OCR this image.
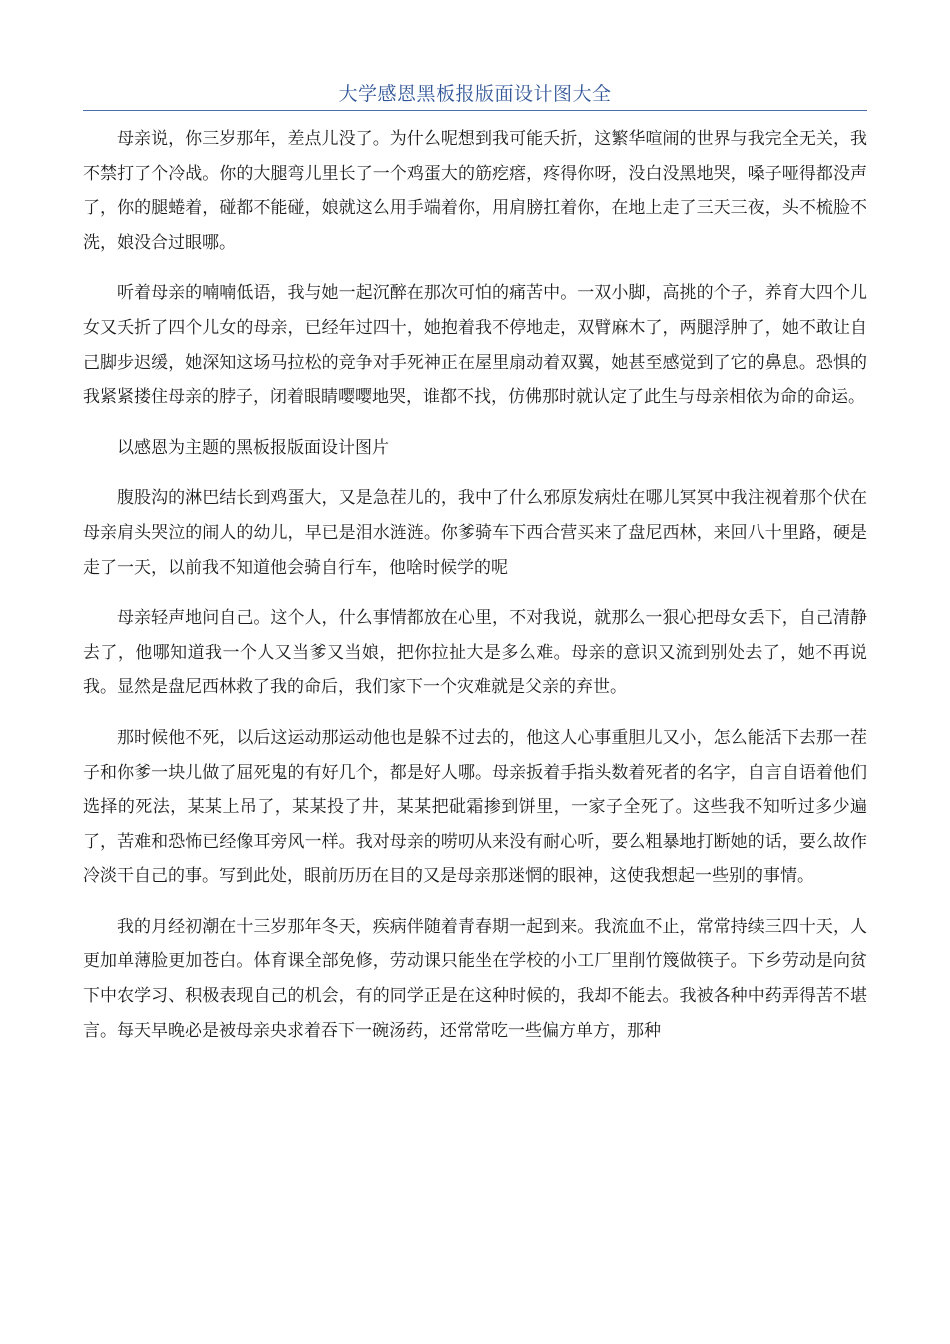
大学感恩黑板报版面设计图大全

母亲说，你三岁那年，差点儿没了。为什么呢想到我可能夭折，这繁华喧闹的世界与我完全无关，我不禁打了个冷战。你的大腿弯儿里长了一个鸡蛋大的筋疙瘩，疼得你呀，没白没黑地哭，嗓子哑得都没声了，你的腿蜷着，碰都不能碰，娘就这么用手端着你，用肩膀扛着你，在地上走了三天三夜，头不梳脸不洗，娘没合过眼哪。

听着母亲的喃喃低语，我与她一起沉醉在那次可怕的痛苦中。一双小脚，高挑的个子，养育大四个儿女又夭折了四个儿女的母亲，已经年过四十，她抱着我不停地走，双臂麻木了，两腿浮肿了，她不敢让自己脚步迟缓，她深知这场马拉松的竞争对手死神正在屋里扇动着双翼，她甚至感觉到了它的鼻息。恐惧的我紧紧搂住母亲的脖子，闭着眼睛嘤嘤地哭，谁都不找，仿佛那时就认定了此生与母亲相依为命的命运。

以感恩为主题的黑板报版面设计图片

腹股沟的淋巴结长到鸡蛋大，又是急茬儿的，我中了什么邪原发病灶在哪儿冥冥中我注视着那个伏在母亲肩头哭泣的闹人的幼儿，早已是泪水涟涟。你爹骑车下西合营买来了盘尼西林，来回八十里路，硬是走了一天，以前我不知道他会骑自行车，他啥时候学的呢

母亲轻声地问自己。这个人，什么事情都放在心里，不对我说，就那么一狠心把母女丢下，自己清静去了，他哪知道我一个人又当爹又当娘，把你拉扯大是多么难。母亲的意识又流到别处去了，她不再说我。显然是盘尼西林救了我的命后，我们家下一个灾难就是父亲的弃世。

那时候他不死，以后这运动那运动他也是躲不过去的，他这人心事重胆儿又小，怎么能活下去那一茬子和你爹一块儿做了屈死鬼的有好几个，都是好人哪。母亲扳着手指头数着死者的名字，自言自语着他们选择的死法，某某上吊了，某某投了井，某某把砒霜掺到饼里，一家子全死了。这些我不知听过多少遍了，苦难和恐怖已经像耳旁风一样。我对母亲的唠叨从来没有耐心听，要么粗暴地打断她的话，要么故作冷淡干自己的事。写到此处，眼前历历在目的又是母亲那迷惘的眼神，这使我想起一些别的事情。

我的月经初潮在十三岁那年冬天，疾病伴随着青春期一起到来。我流血不止，常常持续三四十天，人更加单薄脸更加苍白。体育课全部免修，劳动课只能坐在学校的小工厂里削竹篾做筷子。下乡劳动是向贫下中农学习、积极表现自己的机会，有的同学正是在这种时候的，我却不能去。我被各种中药弄得苦不堪言。每天早晚必是被母亲央求着吞下一碗汤药，还常常吃一些偏方单方，那种
